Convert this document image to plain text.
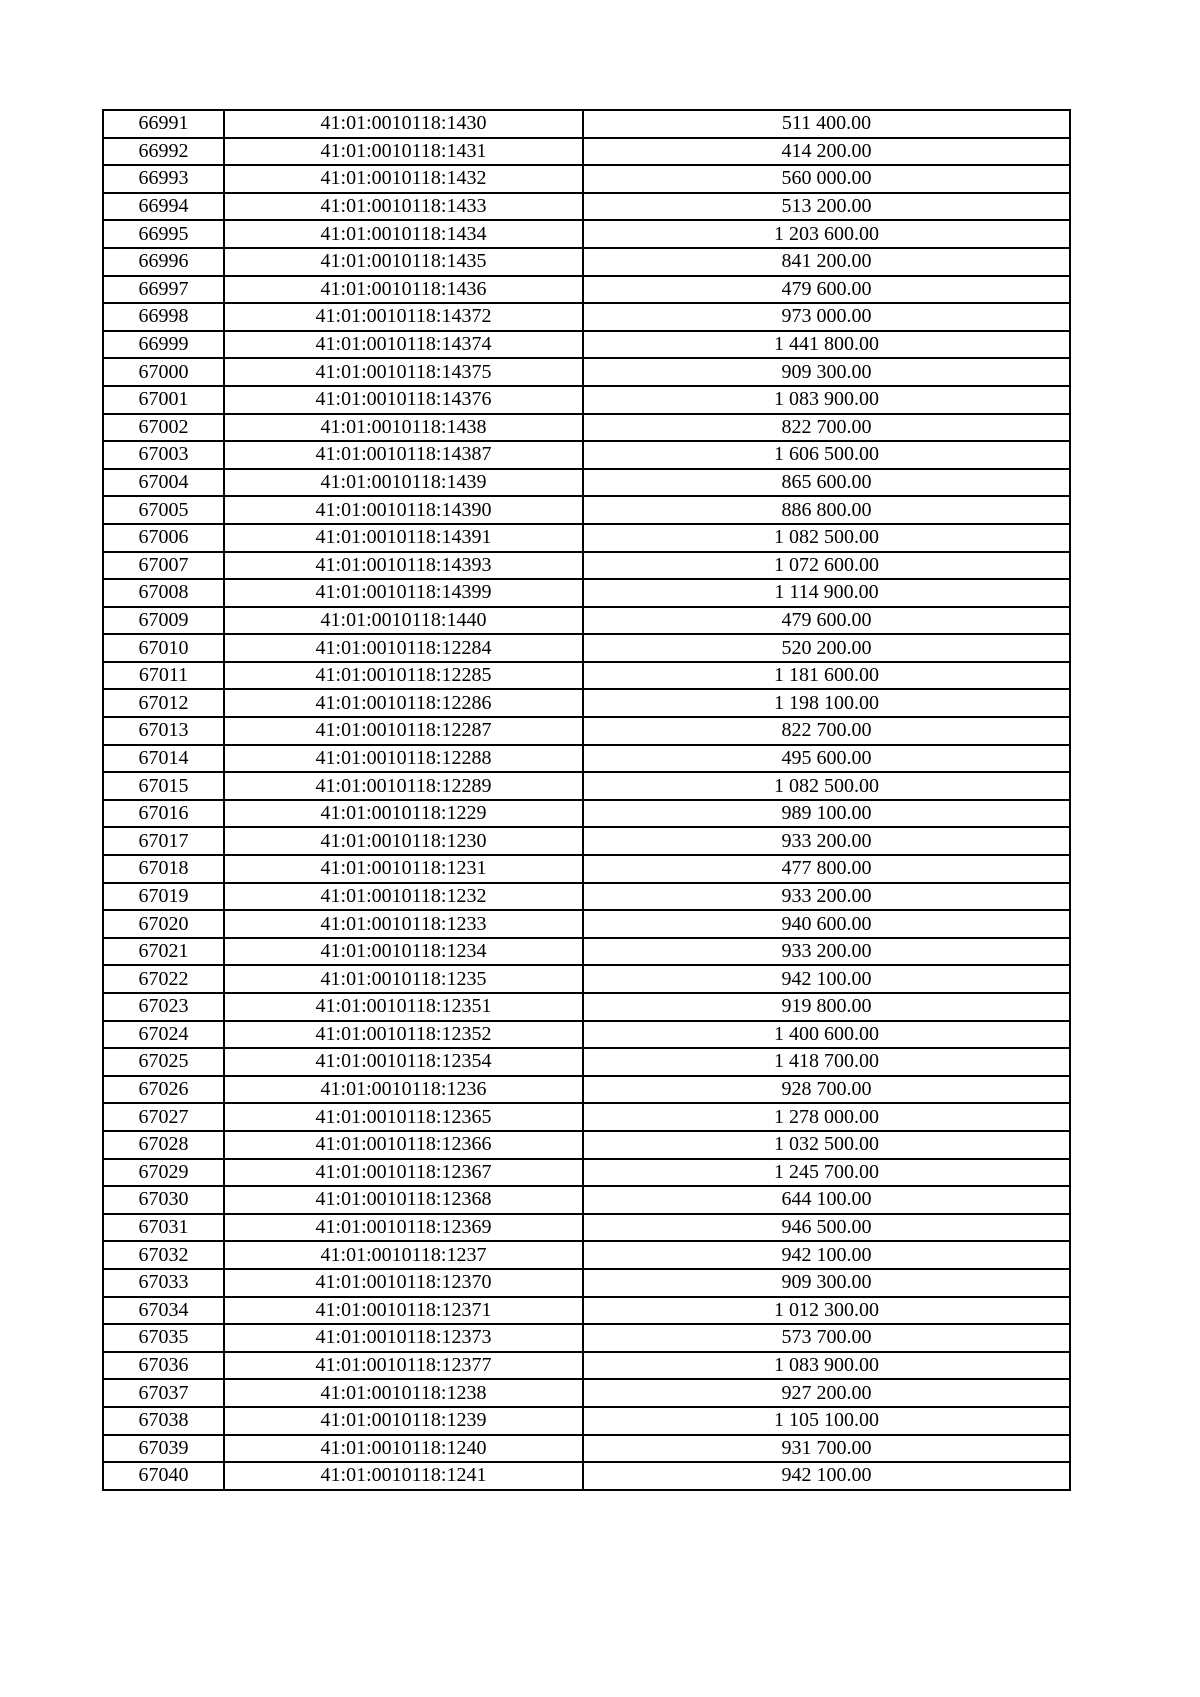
66991	41:01:0010118:1430	511 400.00
66992	41:01:0010118:1431	414 200.00
66993	41:01:0010118:1432	560 000.00
66994	41:01:0010118:1433	513 200.00
66995	41:01:0010118:1434	1 203 600.00
66996	41:01:0010118:1435	841 200.00
66997	41:01:0010118:1436	479 600.00
66998	41:01:0010118:14372	973 000.00
66999	41:01:0010118:14374	1 441 800.00
67000	41:01:0010118:14375	909 300.00
67001	41:01:0010118:14376	1 083 900.00
67002	41:01:0010118:1438	822 700.00
67003	41:01:0010118:14387	1 606 500.00
67004	41:01:0010118:1439	865 600.00
67005	41:01:0010118:14390	886 800.00
67006	41:01:0010118:14391	1 082 500.00
67007	41:01:0010118:14393	1 072 600.00
67008	41:01:0010118:14399	1 114 900.00
67009	41:01:0010118:1440	479 600.00
67010	41:01:0010118:12284	520 200.00
67011	41:01:0010118:12285	1 181 600.00
67012	41:01:0010118:12286	1 198 100.00
67013	41:01:0010118:12287	822 700.00
67014	41:01:0010118:12288	495 600.00
67015	41:01:0010118:12289	1 082 500.00
67016	41:01:0010118:1229	989 100.00
67017	41:01:0010118:1230	933 200.00
67018	41:01:0010118:1231	477 800.00
67019	41:01:0010118:1232	933 200.00
67020	41:01:0010118:1233	940 600.00
67021	41:01:0010118:1234	933 200.00
67022	41:01:0010118:1235	942 100.00
67023	41:01:0010118:12351	919 800.00
67024	41:01:0010118:12352	1 400 600.00
67025	41:01:0010118:12354	1 418 700.00
67026	41:01:0010118:1236	928 700.00
67027	41:01:0010118:12365	1 278 000.00
67028	41:01:0010118:12366	1 032 500.00
67029	41:01:0010118:12367	1 245 700.00
67030	41:01:0010118:12368	644 100.00
67031	41:01:0010118:12369	946 500.00
67032	41:01:0010118:1237	942 100.00
67033	41:01:0010118:12370	909 300.00
67034	41:01:0010118:12371	1 012 300.00
67035	41:01:0010118:12373	573 700.00
67036	41:01:0010118:12377	1 083 900.00
67037	41:01:0010118:1238	927 200.00
67038	41:01:0010118:1239	1 105 100.00
67039	41:01:0010118:1240	931 700.00
67040	41:01:0010118:1241	942 100.00
